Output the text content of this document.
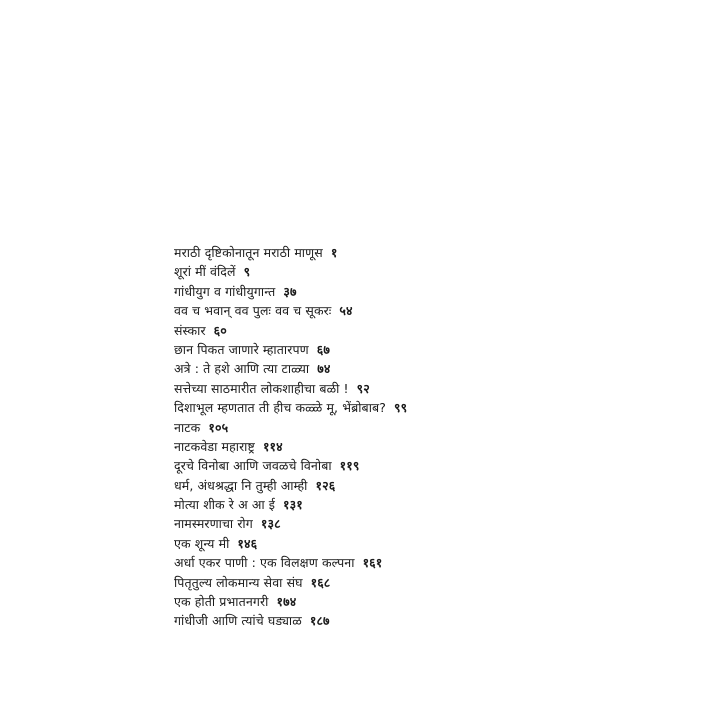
मराठी दृष्टिकोनातून मराठी माणूस १
शूरां मीं वंदिलें ९
गांधीयुग व गांधीयुगान्त ३७
वव च भवान् वव पुलः वव च सूकरः ५४
संस्कार ६०
छान पिकत जाणारे म्हातारपण ६७
अत्रे : ते हशे आणि त्या टाळ्या ७४
सत्तेच्या साठमारीत लोकशाहीचा बळी ! ९२
दिशाभूल म्हणतात ती हीच कळ्ळे मू, भेंब्रोबाब? ९९
नाटक १०५
नाटकवेडा महाराष्ट्र ११४
दूरचे विनोबा आणि जवळचे विनोबा ११९
धर्म, अंधश्रद्धा नि तुम्ही आम्ही १२६
मोत्या शीक रे अ आ ई १३१
नामस्मरणाचा रोग १३८
एक शून्य मी १४६
अर्धा एकर पाणी : एक विलक्षण कल्पना १६१
पितृतुल्य लोकमान्य सेवा संघ १६८
एक होती प्रभातनगरी १७४
गांधीजी आणि त्यांचे घड्याळ १८७
